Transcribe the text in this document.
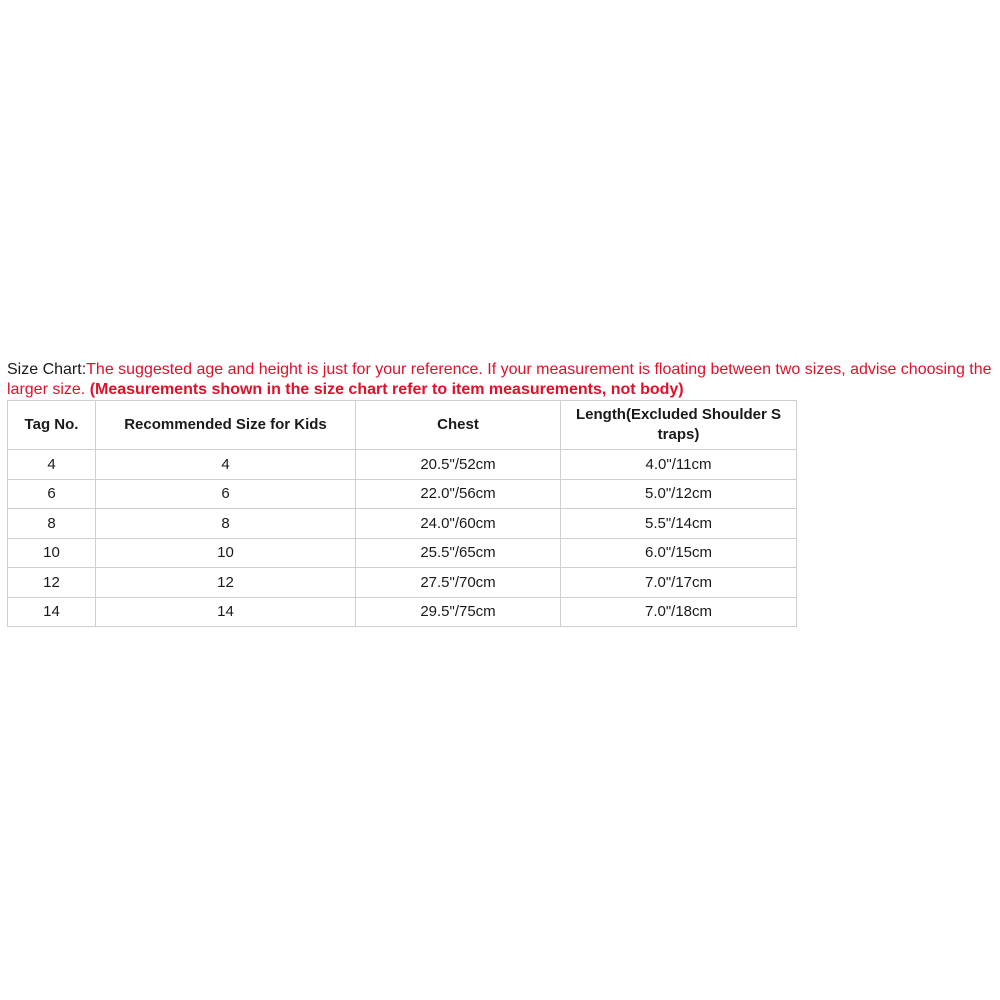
Size Chart:The suggested age and height is just for your reference. If your measurement is floating between two sizes, advise choosing the larger size. (Measurements shown in the size chart refer to item measurements, not body)

Tag No.	Recommended Size for Kids	Chest	Length(Excluded Shoulder S traps)
4	4	20.5"/52cm	4.0"/11cm
6	6	22.0"/56cm	5.0"/12cm
8	8	24.0"/60cm	5.5"/14cm
10	10	25.5"/65cm	6.0"/15cm
12	12	27.5"/70cm	7.0"/17cm
14	14	29.5"/75cm	7.0"/18cm
